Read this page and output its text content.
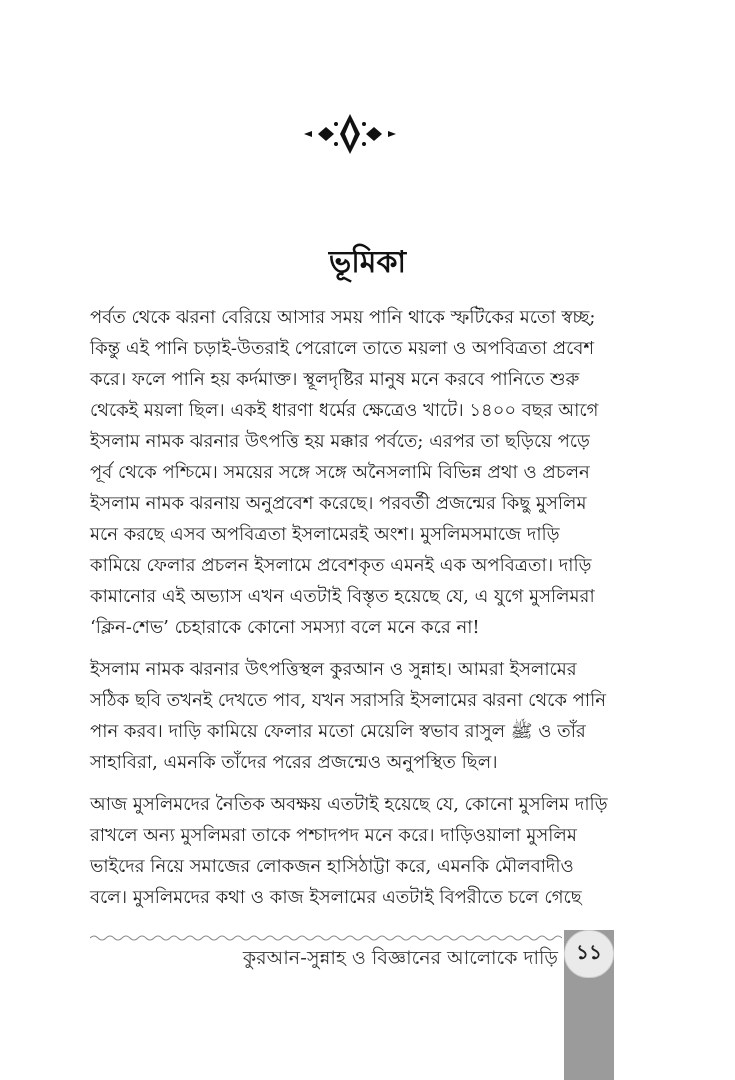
ভূমিকা

পর্বত থেকে ঝরনা বেরিয়ে আসার সময় পানি থাকে স্ফটিকের মতো স্বচ্ছ;
কিন্তু এই পানি চড়াই-উতরাই পেরোলে তাতে ময়লা ও অপবিত্রতা প্রবেশ
করে। ফলে পানি হয় কর্দমাক্ত। স্থূলদৃষ্টির মানুষ মনে করবে পানিতে শুরু
থেকেই ময়লা ছিল। একই ধারণা ধর্মের ক্ষেত্রেও খাটে। ১৪০০ বছর আগে
ইসলাম নামক ঝরনার উৎপত্তি হয় মক্কার পর্বতে; এরপর তা ছড়িয়ে পড়ে
পূর্ব থেকে পশ্চিমে। সময়ের সঙ্গে সঙ্গে অনৈসলামি বিভিন্ন প্রথা ও প্রচলন
ইসলাম নামক ঝরনায় অনুপ্রবেশ করেছে। পরবর্তী প্রজন্মের কিছু মুসলিম
মনে করছে এসব অপবিত্রতা ইসলামেরই অংশ। মুসলিমসমাজে দাড়ি
কামিয়ে ফেলার প্রচলন ইসলামে প্রবেশকৃত এমনই এক অপবিত্রতা। দাড়ি
কামানোর এই অভ্যাস এখন এতটাই বিস্তৃত হয়েছে যে, এ যুগে মুসলিমরা
‘ক্লিন-শেভ’ চেহারাকে কোনো সমস্যা বলে মনে করে না!

ইসলাম নামক ঝরনার উৎপত্তিস্থল কুরআন ও সুন্নাহ। আমরা ইসলামের
সঠিক ছবি তখনই দেখতে পাব, যখন সরাসরি ইসলামের ঝরনা থেকে পানি
পান করব। দাড়ি কামিয়ে ফেলার মতো মেয়েলি স্বভাব রাসুল ﷺ ও তাঁর
সাহাবিরা, এমনকি তাঁদের পরের প্রজন্মেও অনুপস্থিত ছিল।

আজ মুসলিমদের নৈতিক অবক্ষয় এতটাই হয়েছে যে, কোনো মুসলিম দাড়ি
রাখলে অন্য মুসলিমরা তাকে পশ্চাদপদ মনে করে। দাড়িওয়ালা মুসলিম
ভাইদের নিয়ে সমাজের লোকজন হাসিঠাট্টা করে, এমনকি মৌলবাদীও
বলে। মুসলিমদের কথা ও কাজ ইসলামের এতটাই বিপরীতে চলে গেছে

কুরআন-সুন্নাহ ও বিজ্ঞানের আলোকে দাড়ি ১১
